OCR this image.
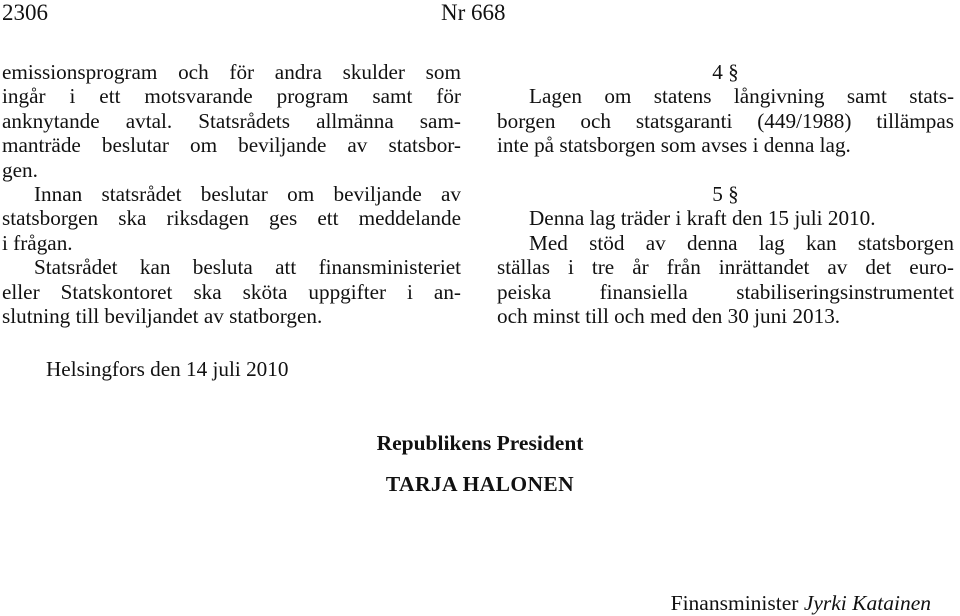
2306	Nr 668
emissionsprogram och för andra skulder som
ingår i ett motsvarande program samt för
anknytande avtal. Statsrådets allmänna sam-
manträde beslutar om beviljande av statsbor-
gen.
Innan statsrådet beslutar om beviljande av
statsborgen ska riksdagen ges ett meddelande
i frågan.
Statsrådet kan besluta att finansministeriet
eller Statskontoret ska sköta uppgifter i an-
slutning till beviljandet av statborgen.
4 §
Lagen om statens långivning samt stats-
borgen och statsgaranti (449/1988) tillämpas
inte på statsborgen som avses i denna lag.
5 §
Denna lag träder i kraft den 15 juli 2010.
Med stöd av denna lag kan statsborgen
ställas i tre år från inrättandet av det euro-
peiska finansiella stabiliseringsinstrumentet
och minst till och med den 30 juni 2013.
Helsingfors den 14 juli 2010
Republikens President
TARJA HALONEN
Finansminister Jyrki Katainen
